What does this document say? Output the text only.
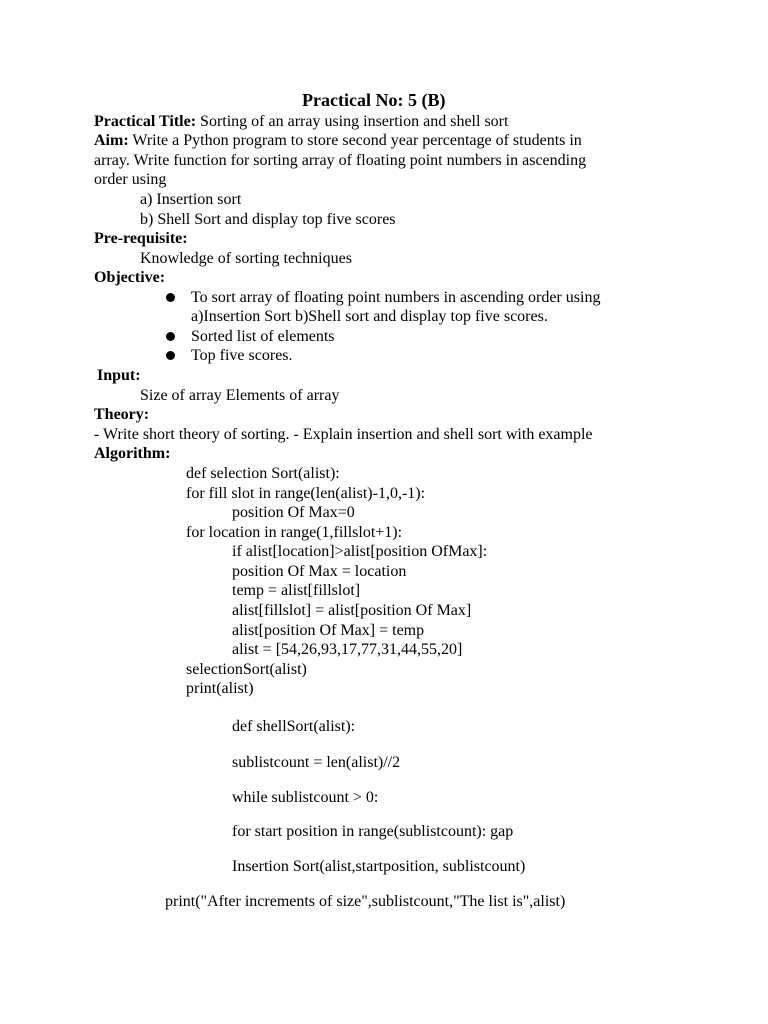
Practical No: 5 (B)
Practical Title: Sorting of an array using insertion and shell sort
Aim: Write a Python program to store second year percentage of students in
array. Write function for sorting array of floating point numbers in ascending
order using
a) Insertion sort
b) Shell Sort and display top five scores
Pre-requisite:
Knowledge of sorting techniques
Objective:
To sort array of floating point numbers in ascending order using
a)Insertion Sort b)Shell sort and display top five scores.
Sorted list of elements
Top five scores.
Input:
Size of array Elements of array
Theory:
- Write short theory of sorting. - Explain insertion and shell sort with example
Algorithm:
def selection Sort(alist):
for fill slot in range(len(alist)-1,0,-1):
position Of Max=0
for location in range(1,fillslot+1):
if alist[location]>alist[position OfMax]:
position Of Max = location
temp = alist[fillslot]
alist[fillslot] = alist[position Of Max]
alist[position Of Max] = temp
alist = [54,26,93,17,77,31,44,55,20]
selectionSort(alist)
print(alist)
def shellSort(alist):
sublistcount = len(alist)//2
while sublistcount > 0:
for start position in range(sublistcount): gap
Insertion Sort(alist,startposition, sublistcount)
print("After increments of size",sublistcount,"The list is",alist)
